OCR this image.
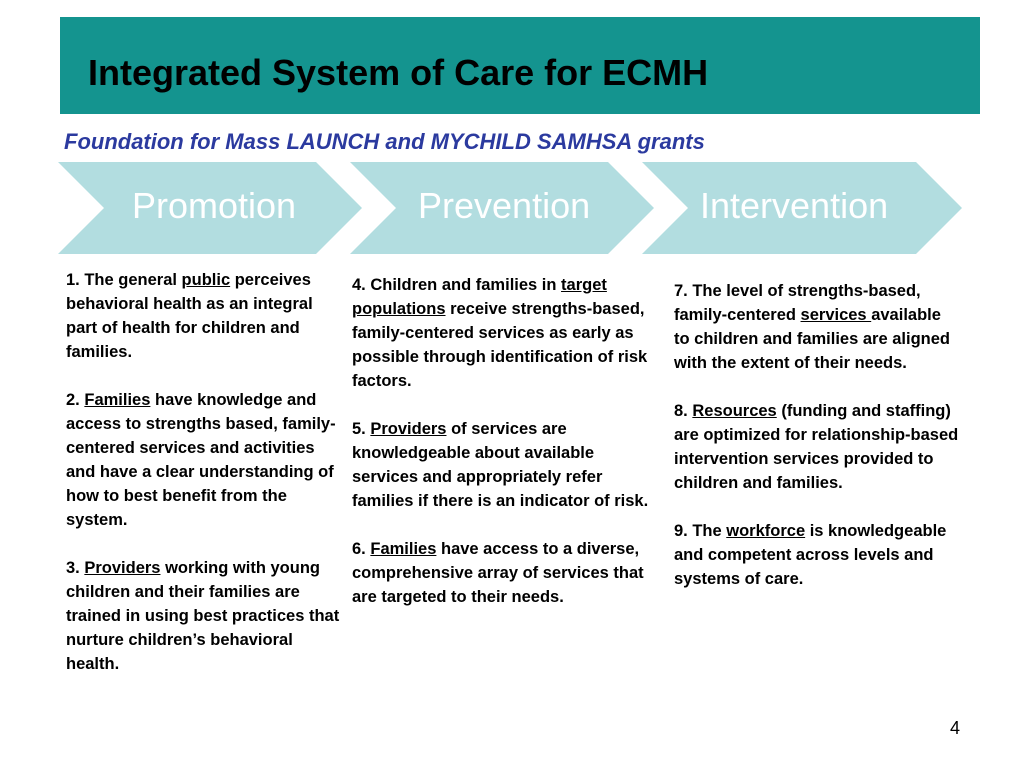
Integrated System of Care for ECMH
Foundation for Mass LAUNCH and MYCHILD SAMHSA grants
Promotion	Prevention	Intervention

1. The general public perceives behavioral health as an integral part of health for children and families.

2. Families have knowledge and access to strengths based, family-centered services and activities and have a clear understanding of how to best benefit from the system.

3. Providers working with young children and their families are trained in using best practices that nurture children’s behavioral health.

4. Children and families in target populations receive strengths-based, family-centered services as early as possible through identification of risk factors.

5. Providers of services are knowledgeable about available services and appropriately refer families if there is an indicator of risk.

6. Families have access to a diverse, comprehensive array of services that are targeted to their needs.

7. The level of strengths-based, family-centered services available to children and families are aligned with the extent of their needs.

8. Resources (funding and staffing) are optimized for relationship-based intervention services provided to children and families.

9. The workforce is knowledgeable and competent across levels and systems of care.

4
